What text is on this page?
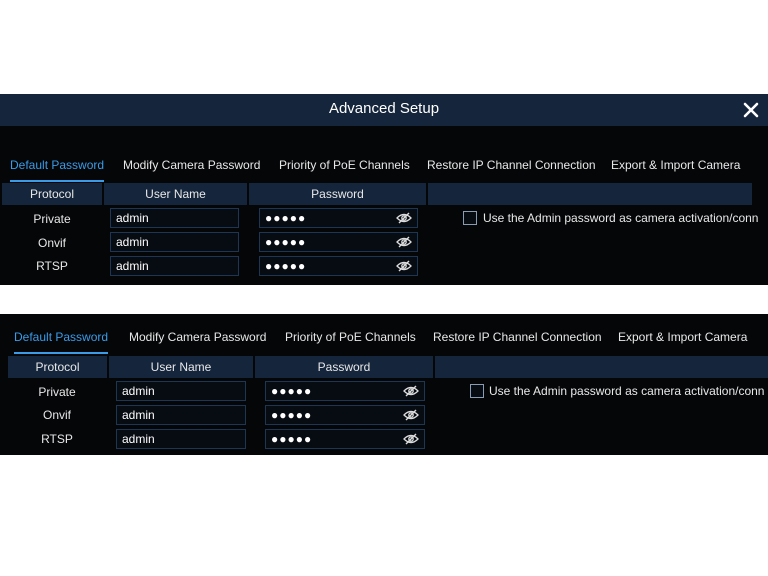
Advanced Setup
Default Password Modify Camera Password Priority of PoE Channels Restore IP Channel Connection Export & Import Camera
Protocol	User Name	Password
Private	admin	●●●●●
Onvif	admin	●●●●●
RTSP	admin	●●●●●
Use the Admin password as camera activation/conn
Default Password Modify Camera Password Priority of PoE Channels Restore IP Channel Connection Export & Import Camera
Protocol	User Name	Password
Private	admin	●●●●●
Onvif	admin	●●●●●
RTSP	admin	●●●●●
Use the Admin password as camera activation/conn
